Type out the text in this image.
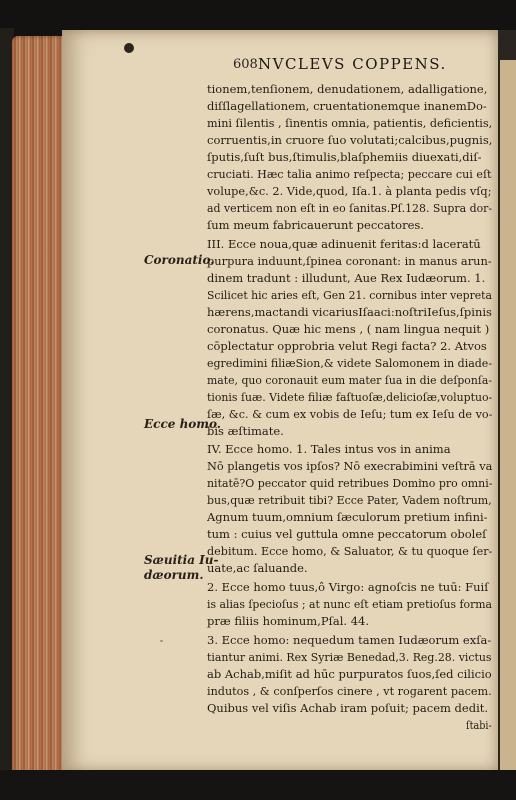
608 NVCLEVS COPPENS.
Coronatio.
Ecce homo.
Sæuitia Iu-
dæorum.
tionem,tenſionem, denudationem, adalligatione,
diſſlagellationem, cruentationemque inanemDo-
mini ſilentis , ſinentis omnia, patientis, deficientis,
corruentis,in cruore ſuo volutati;calcibus,pugnis,
ſputis,ſuſt bus,ſtimulis,blaſphemiis diuexati,diſ-
cruciati. Hæc talia animo reſpecta; peccare cui eſt
volupe,&c. 2. Vide,quod, Iſa.1. à planta pedis vſq;
ad verticem non eſt in eo ſanitas.Pſ.128. Supra dor-
ſum meum fabricauerunt peccatores.
III. Ecce noua,quæ adinuenit feritas:d laceratū
purpura induunt,ſpinea coronant: in manus arun-
dinem tradunt : illudunt, Aue Rex Iudæorum. 1.
Scilicet hic aries eſt, Gen 21. cornibus inter vepreta
hærens,mactandi vicariusIſaaci:noſtriIeſus,ſpinis
coronatus. Quæ hic mens , ( nam lingua nequit )
cōplectatur opprobria velut Regi facta? 2. Atvos
egredimini filiæSion,& videte Salomonem in diade-
mate, quo coronauit eum mater ſua in die deſponſa-
tionis ſuæ. Videte filiæ faſtuoſæ,delicioſæ,voluptuo-
ſæ, &c. & cum ex vobis de Ieſu; tum ex Ieſu de vo-
bis æſtimate.
IV. Ecce homo. 1. Tales intus vos in anima
Nō plangetis vos ipſos? Nō execrabimini veſtrā va
nitatē?O peccator quid retribues Domino pro omni-
bus,quæ retribuit tibi? Ecce Pater, Vadem noſtrum,
Agnum tuum,omnium ſæculorum pretium infini-
tum : cuius vel guttula omne peccatorum oboleſ
debitum. Ecce homo, & Saluator, & tu quoque ſer-
uate,ac ſaluande.
2. Ecce homo tuus,ô Virgo: agnoſcis ne tuū: Fuiſ
is alias ſpecioſus ; at nunc eſt etiam pretioſus forma
præ filiis hominum,Pſal. 44.
3. Ecce homo: nequedum tamen Iudæorum exſa-
tiantur animi. Rex Syriæ Benedad,3. Reg.28. victus
ab Achab,miſit ad hūc purpuratos ſuos,ſed cilicio
indutos , & conſperſos cinere , vt rogarent pacem.
Quibus vel viſis Achab iram poſuit; pacem dedit.
ſtabi-
